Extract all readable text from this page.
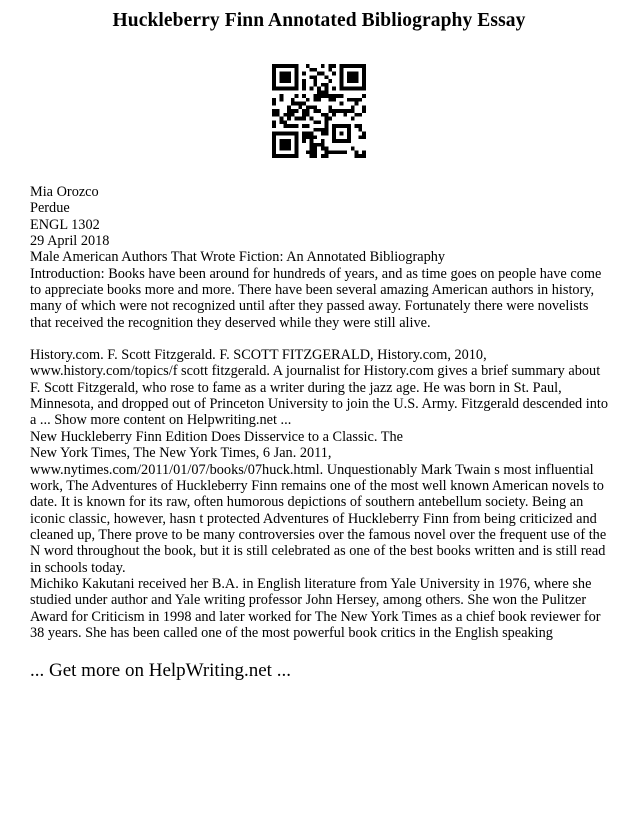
Huckleberry Finn Annotated Bibliography Essay

Mia Orozco

Perdue

ENGL 1302

29 April 2018

Male American Authors That Wrote Fiction: An Annotated Bibliography

Introduction: Books have been around for hundreds of years, and as time goes on people have come to appreciate books more and more. There have been several amazing American authors in history, many of which were not recognized until after they passed away. Fortunately there were novelists that received the recognition they deserved while they were still alive.

History.com. F. Scott Fitzgerald. F. SCOTT FITZGERALD, History.com, 2010, www.history.com/topics/f scott fitzgerald. A journalist for History.com gives a brief summary about F. Scott Fitzgerald, who rose to fame as a writer during the jazz age. He was born in St. Paul, Minnesota, and dropped out of Princeton University to join the U.S. Army. Fitzgerald descended into a ... Show more content on Helpwriting.net ...

New Huckleberry Finn Edition Does Disservice to a Classic. The

New York Times, The New York Times, 6 Jan. 2011,

www.nytimes.com/2011/01/07/books/07huck.html. Unquestionably Mark Twain s most influential work, The Adventures of Huckleberry Finn remains one of the most well known American novels to date. It is known for its raw, often humorous depictions of southern antebellum society. Being an iconic classic, however, hasn t protected Adventures of Huckleberry Finn from being criticized and cleaned up, There prove to be many controversies over the famous novel over the frequent use of the N word throughout the book, but it is still celebrated as one of the best books written and is still read in schools today.

Michiko Kakutani received her B.A. in English literature from Yale University in 1976, where she studied under author and Yale writing professor John Hersey, among others. She won the Pulitzer Award for Criticism in 1998 and later worked for The New York Times as a chief book reviewer for 38 years. She has been called one of the most powerful book critics in the English speaking

... Get more on HelpWriting.net ...
